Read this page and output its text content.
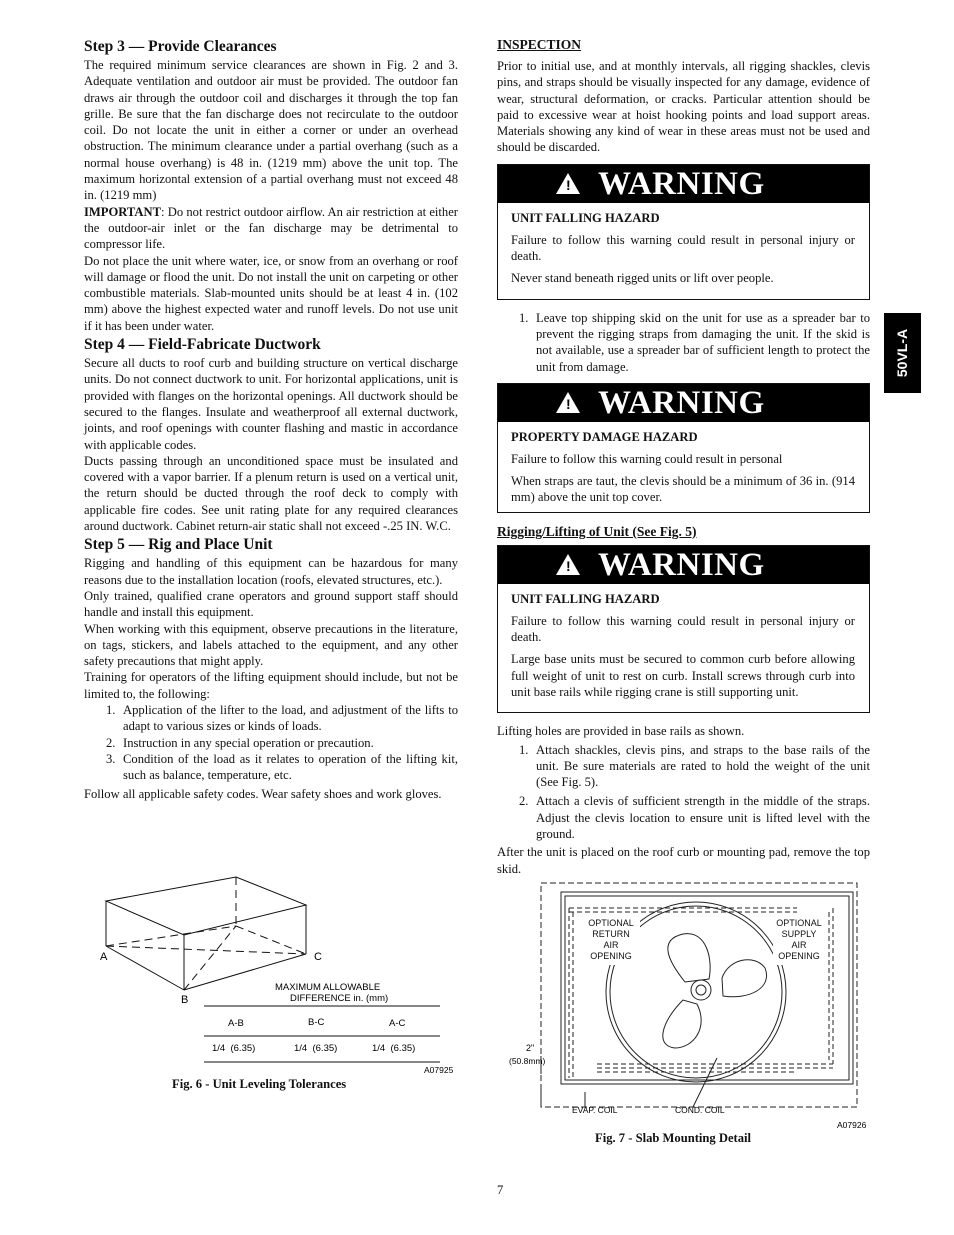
Step 3 — Provide Clearances

The required minimum service clearances are shown in Fig. 2 and 3. Adequate ventilation and outdoor air must be provided. The outdoor fan draws air through the outdoor coil and discharges it through the top fan grille. Be sure that the fan discharge does not recirculate to the outdoor coil. Do not locate the unit in either a corner or under an overhead obstruction. The minimum clearance under a partial overhang (such as a normal house overhang) is 48 in. (1219 mm) above the unit top. The maximum horizontal extension of a partial overhang must not exceed 48 in. (1219 mm)

IMPORTANT: Do not restrict outdoor airflow. An air restriction at either the outdoor-air inlet or the fan discharge may be detrimental to compressor life.

Do not place the unit where water, ice, or snow from an overhang or roof will damage or flood the unit. Do not install the unit on carpeting or other combustible materials. Slab-mounted units should be at least 4 in. (102 mm) above the highest expected water and runoff levels. Do not use unit if it has been under water.

Step 4 — Field-Fabricate Ductwork

Secure all ducts to roof curb and building structure on vertical discharge units. Do not connect ductwork to unit. For horizontal applications, unit is provided with flanges on the horizontal openings. All ductwork should be secured to the flanges. Insulate and weatherproof all external ductwork, joints, and roof openings with counter flashing and mastic in accordance with applicable codes.

Ducts passing through an unconditioned space must be insulated and covered with a vapor barrier. If a plenum return is used on a vertical unit, the return should be ducted through the roof deck to comply with applicable fire codes. See unit rating plate for any required clearances around ductwork. Cabinet return-air static shall not exceed -.25 IN. W.C.

Step 5 — Rig and Place Unit

Rigging and handling of this equipment can be hazardous for many reasons due to the installation location (roofs, elevated structures, etc.).

Only trained, qualified crane operators and ground support staff should handle and install this equipment.

When working with this equipment, observe precautions in the literature, on tags, stickers, and labels attached to the equipment, and any other safety precautions that might apply.

Training for operators of the lifting equipment should include, but not be limited to, the following:

1. Application of the lifter to the load, and adjustment of the lifts to adapt to various sizes or kinds of loads.
2. Instruction in any special operation or precaution.
3. Condition of the load as it relates to operation of the lifting kit, such as balance, temperature, etc.

Follow all applicable safety codes. Wear safety shoes and work gloves.

A
B
C
MAXIMUM ALLOWABLE
DIFFERENCE in. (mm)
A-B	B-C	A-C
1/4  (6.35)	1/4  (6.35)	1/4  (6.35)
A07925
Fig. 6 - Unit Leveling Tolerances
INSPECTION

Prior to initial use, and at monthly intervals, all rigging shackles, clevis pins, and straps should be visually inspected for any damage, evidence of wear, structural deformation, or cracks. Particular attention should be paid to excessive wear at hoist hooking points and load support areas. Materials showing any kind of wear in these areas must not be used and should be discarded.

! WARNING
UNIT FALLING HAZARD

Failure to follow this warning could result in personal injury or death.

Never stand beneath rigged units or lift over people.

1. Leave top shipping skid on the unit for use as a spreader bar to prevent the rigging straps from damaging the unit. If the skid is not available, use a spreader bar of sufficient length to protect the unit from damage.
! WARNING
PROPERTY DAMAGE HAZARD

Failure to follow this warning could result in personal

When straps are taut, the clevis should be a minimum of 36 in. (914 mm) above the unit top cover.

Rigging/Lifting of Unit (See Fig. 5)
! WARNING
UNIT FALLING HAZARD

Failure to follow this warning could result in personal injury or death.

Large base units must be secured to common curb before allowing full weight of unit to rest on curb. Install screws through curb into unit base rails while rigging crane is still supporting unit.

Lifting holes are provided in base rails as shown.

1. Attach shackles, clevis pins, and straps to the base rails of the unit. Be sure materials are rated to hold the weight of the unit (See Fig. 5).
2. Attach a clevis of sufficient strength in the middle of the straps. Adjust the clevis location to ensure unit is lifted level with the ground.

After the unit is placed on the roof curb or mounting pad, remove the top skid.

OPTIONAL
RETURN
AIR
OPENING
OPTIONAL
SUPPLY
AIR
OPENING
2ʺ
(50.8mm)
EVAP. COIL	COND. COIL
A07926
Fig. 7 - Slab Mounting Detail
50VL-A
7
